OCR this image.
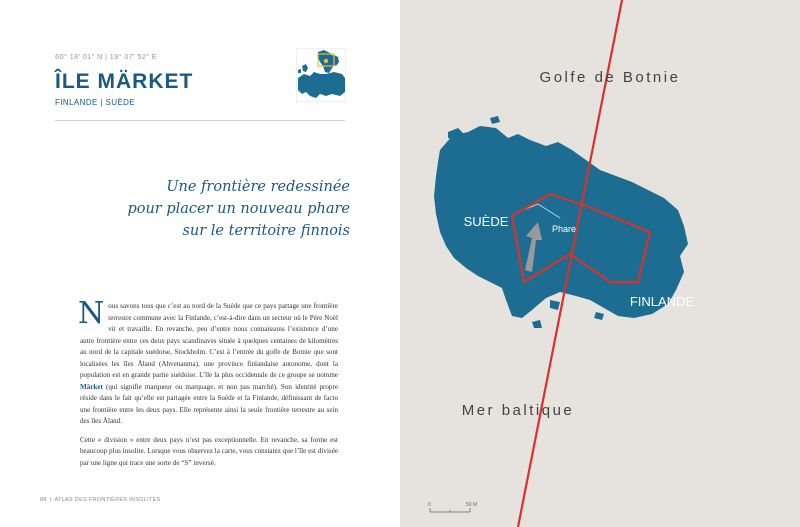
60° 18′ 01″ N | 19° 07′ 52″ E
ÎLE MÄRKET
FINLANDE | SUÈDE
Une frontière redessinée
pour placer un nouveau phare
sur le territoire finnois

Nous savons tous que c’est au nord de la Suède que ce pays partage une frontière terrestre commune avec la Finlande, c’est-à-dire dans un secteur où le Père Noël vit et travaille. En revanche, peu d’entre nous connaissons l’existence d’une autre frontière entre ces deux pays scandinaves située à quelques centaines de kilomètres au nord de la capitale suédoise, Stockholm. C’est à l’entrée du golfe de Botnie que sont localisées les îles Åland (Ahvenanma), une province finlandaise autonome, dont la population est en grande partie suédoise. L’île la plus occidentale de ce groupe se nomme Märket (qui signifie marqueur ou marquage, et non pas marché). Son identité propre réside dans le fait qu’elle est partagée entre la Suède et la Finlande, définissant de facto une frontière entre les deux pays. Elle représente ainsi la seule frontière terrestre au sein des îles Åland.

Cette « division » entre deux pays n’est pas exceptionnelle. En revanche, sa forme est beaucoup plus insolite. Lorsque vous observez la carte, vous constatez que l’île est divisée par une ligne qui trace une sorte de “S” inversé.

88 | ATLAS DES FRONTIÈRES INSOLITES
Golfe de Botnie
Mer baltique
SUÈDE
FINLANDE
Phare
0	50 M
